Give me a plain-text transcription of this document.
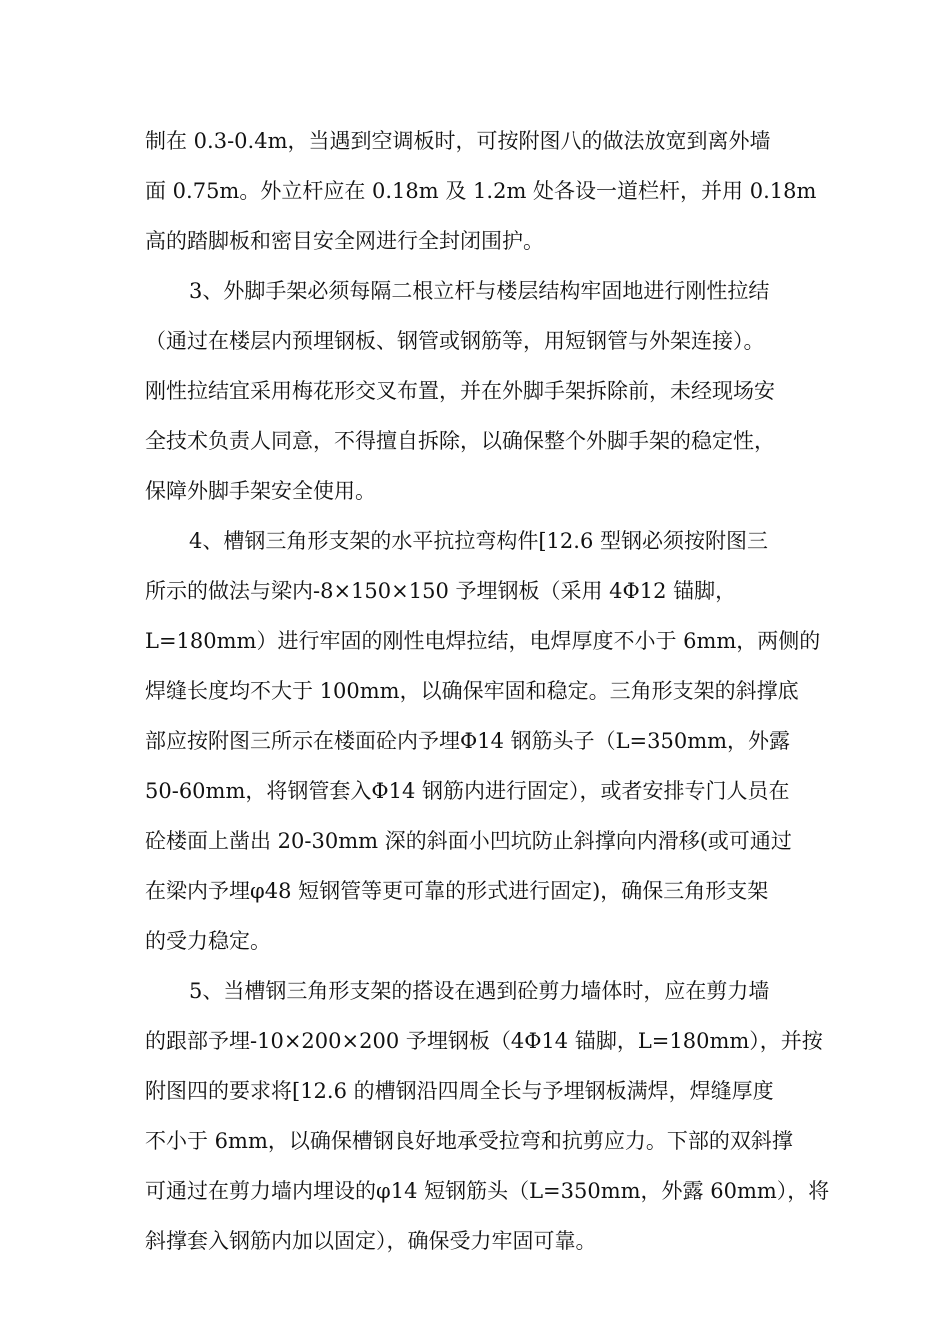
制在 0.3-0.4m，当遇到空调板时，可按附图八的做法放宽到离外墙
面 0.75m。外立杆应在 0.18m 及 1.2m 处各设一道栏杆，并用 0.18m
高的踏脚板和密目安全网进行全封闭围护。
3、外脚手架必须每隔二根立杆与楼层结构牢固地进行刚性拉结
（通过在楼层内预埋钢板、钢管或钢筋等，用短钢管与外架连接）。
刚性拉结宜采用梅花形交叉布置，并在外脚手架拆除前，未经现场安
全技术负责人同意，不得擅自拆除，以确保整个外脚手架的稳定性，
保障外脚手架安全使用。
4、槽钢三角形支架的水平抗拉弯构件[12.6 型钢必须按附图三
所示的做法与梁内-8×150×150 予埋钢板（采用 4Φ12 锚脚，
L=180mm）进行牢固的刚性电焊拉结，电焊厚度不小于 6mm，两侧的
焊缝长度均不大于 100mm，以确保牢固和稳定。三角形支架的斜撑底
部应按附图三所示在楼面砼内予埋Φ14 钢筋头子（L=350mm，外露
50-60mm，将钢管套入Φ14 钢筋内进行固定），或者安排专门人员在
砼楼面上凿出 20-30mm 深的斜面小凹坑防止斜撑向内滑移(或可通过
在梁内予埋φ48 短钢管等更可靠的形式进行固定)，确保三角形支架
的受力稳定。
5、当槽钢三角形支架的搭设在遇到砼剪力墙体时，应在剪力墙
的跟部予埋-10×200×200 予埋钢板（4Φ14 锚脚，L=180mm），并按
附图四的要求将[12.6 的槽钢沿四周全长与予埋钢板满焊，焊缝厚度
不小于 6mm，以确保槽钢良好地承受拉弯和抗剪应力。下部的双斜撑
可通过在剪力墙内埋设的φ14 短钢筋头（L=350mm，外露 60mm），将
斜撑套入钢筋内加以固定），确保受力牢固可靠。
